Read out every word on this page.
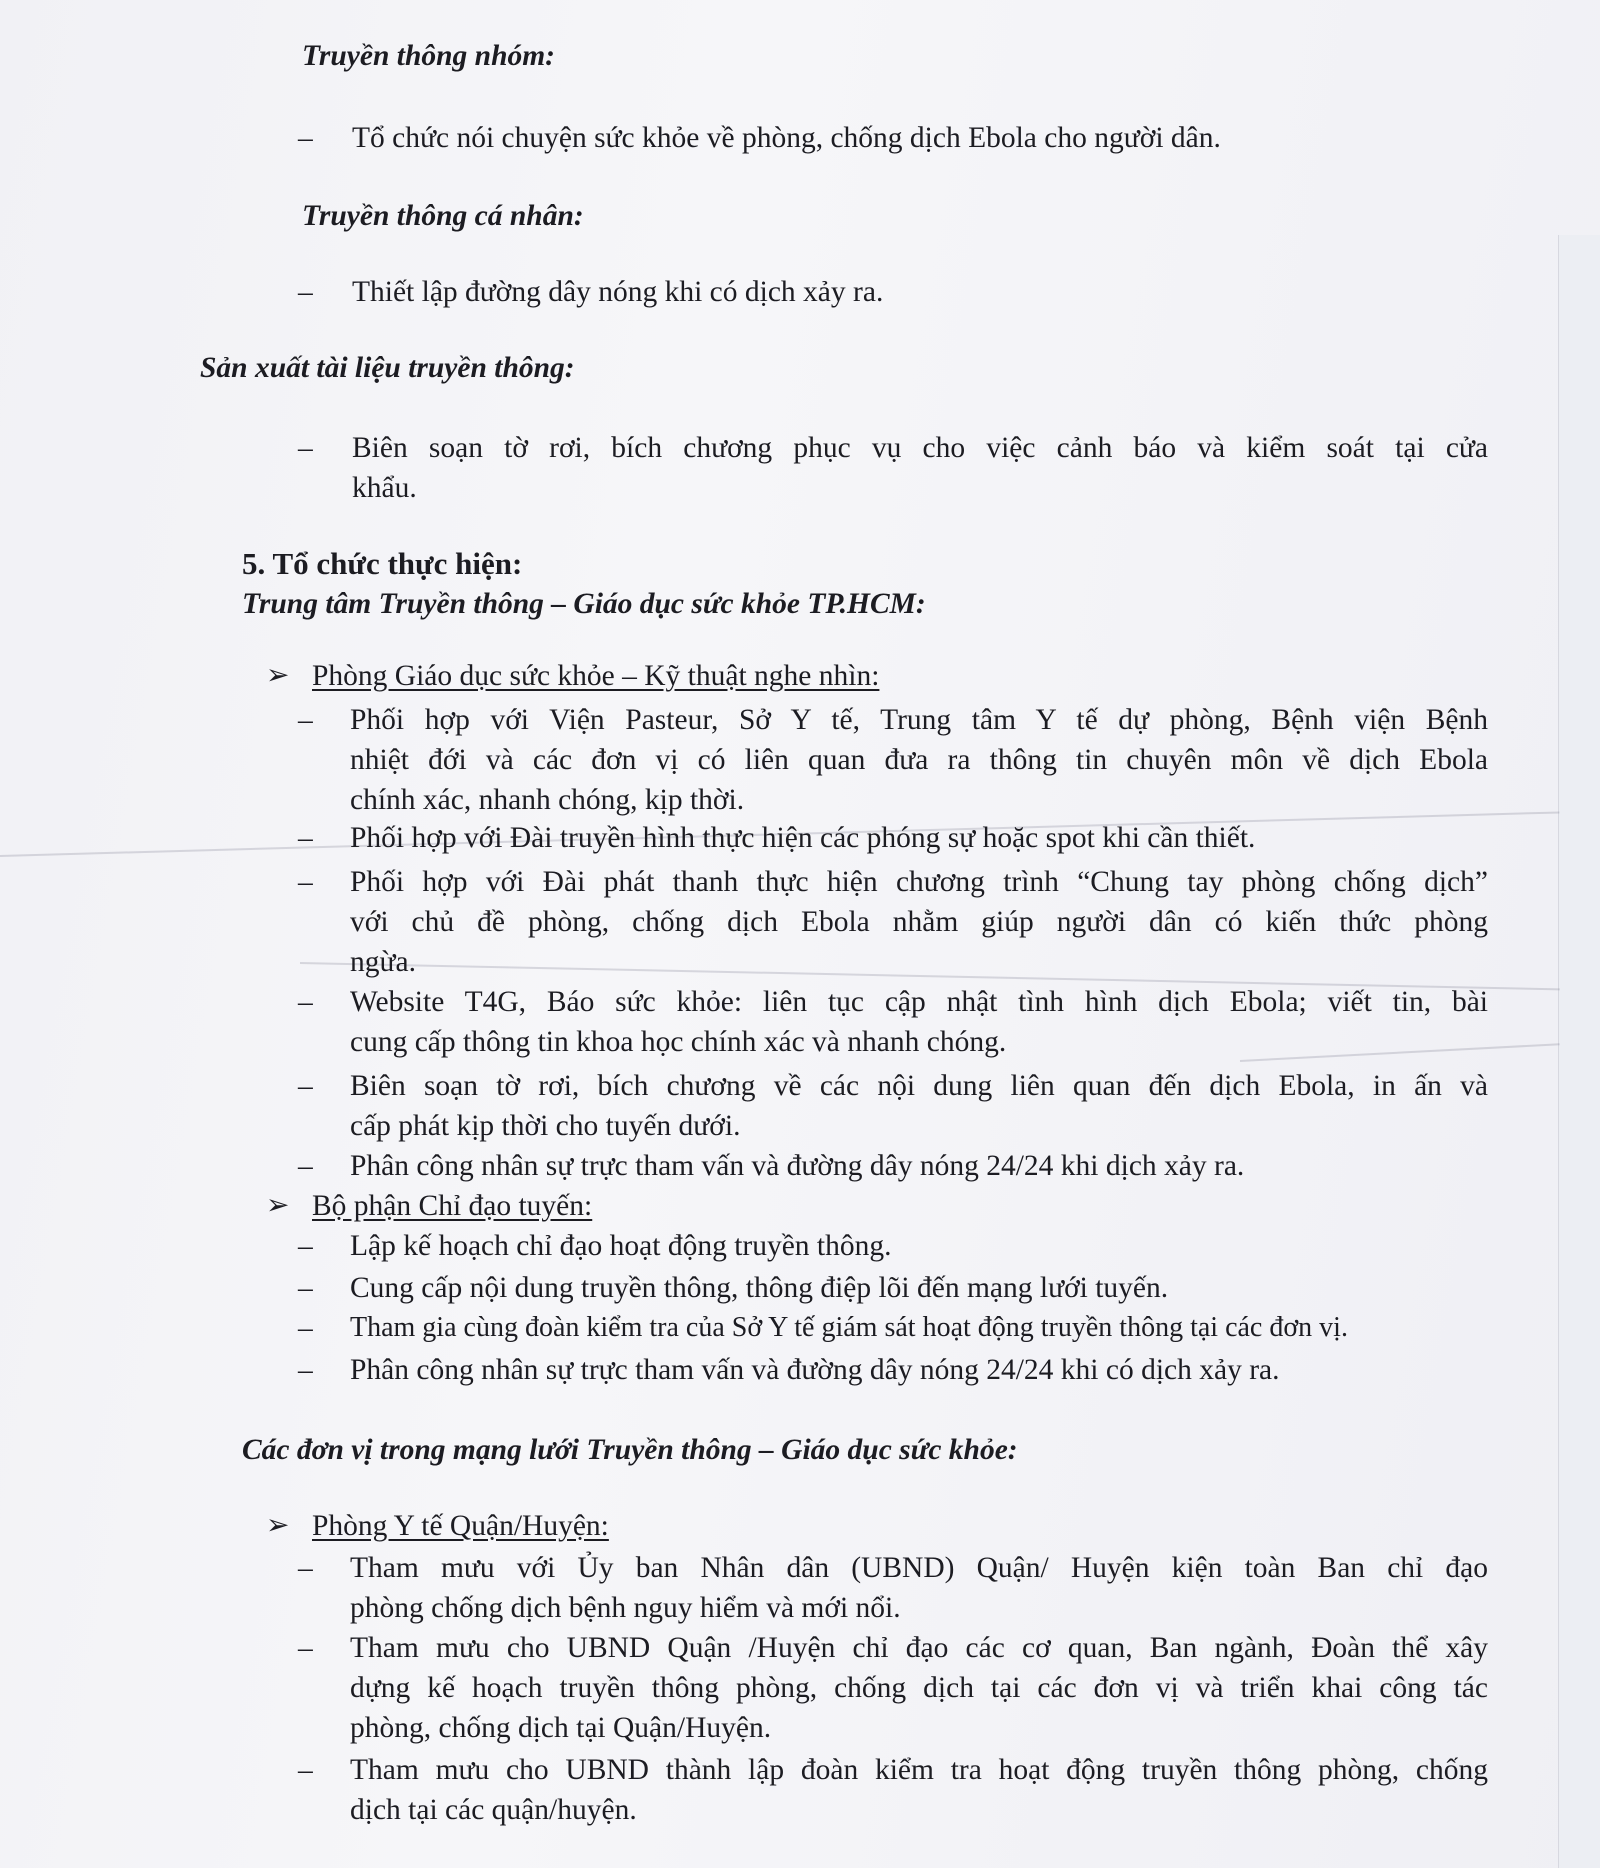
Truyền thông nhóm:
– Tổ chức nói chuyện sức khỏe về phòng, chống dịch Ebola cho người dân.
Truyền thông cá nhân:
– Thiết lập đường dây nóng khi có dịch xảy ra.
Sản xuất tài liệu truyền thông:
– Biên soạn tờ rơi, bích chương phục vụ cho việc cảnh báo và kiểm soát tại cửa
khẩu.
5. Tổ chức thực hiện:
Trung tâm Truyền thông – Giáo dục sức khỏe TP.HCM:
➢ Phòng Giáo dục sức khỏe – Kỹ thuật nghe nhìn:
– Phối hợp với Viện Pasteur, Sở Y tế, Trung tâm Y tế dự phòng, Bệnh viện Bệnh
nhiệt đới và các đơn vị có liên quan đưa ra thông tin chuyên môn về dịch Ebola
chính xác, nhanh chóng, kịp thời.
– Phối hợp với Đài truyền hình thực hiện các phóng sự hoặc spot khi cần thiết.
– Phối hợp với Đài phát thanh thực hiện chương trình “Chung tay phòng chống dịch”
với chủ đề phòng, chống dịch Ebola nhằm giúp người dân có kiến thức phòng
ngừa.
– Website T4G, Báo sức khỏe: liên tục cập nhật tình hình dịch Ebola; viết tin, bài
cung cấp thông tin khoa học chính xác và nhanh chóng.
– Biên soạn tờ rơi, bích chương về các nội dung liên quan đến dịch Ebola, in ấn và
cấp phát kịp thời cho tuyến dưới.
– Phân công nhân sự trực tham vấn và đường dây nóng 24/24 khi dịch xảy ra.
➢ Bộ phận Chỉ đạo tuyến:
– Lập kế hoạch chỉ đạo hoạt động truyền thông.
– Cung cấp nội dung truyền thông, thông điệp lõi đến mạng lưới tuyến.
– Tham gia cùng đoàn kiểm tra của Sở Y tế giám sát hoạt động truyền thông tại các đơn vị.
– Phân công nhân sự trực tham vấn và đường dây nóng 24/24 khi có dịch xảy ra.
Các đơn vị trong mạng lưới Truyền thông – Giáo dục sức khỏe:
➢ Phòng Y tế Quận/Huyện:
– Tham mưu với Ủy ban Nhân dân (UBND) Quận/ Huyện kiện toàn Ban chỉ đạo
phòng chống dịch bệnh nguy hiểm và mới nổi.
– Tham mưu cho UBND Quận /Huyện chỉ đạo các cơ quan, Ban ngành, Đoàn thể xây
dựng kế hoạch truyền thông phòng, chống dịch tại các đơn vị và triển khai công tác
phòng, chống dịch tại Quận/Huyện.
– Tham mưu cho UBND thành lập đoàn kiểm tra hoạt động truyền thông phòng, chống
dịch tại các quận/huyện.
